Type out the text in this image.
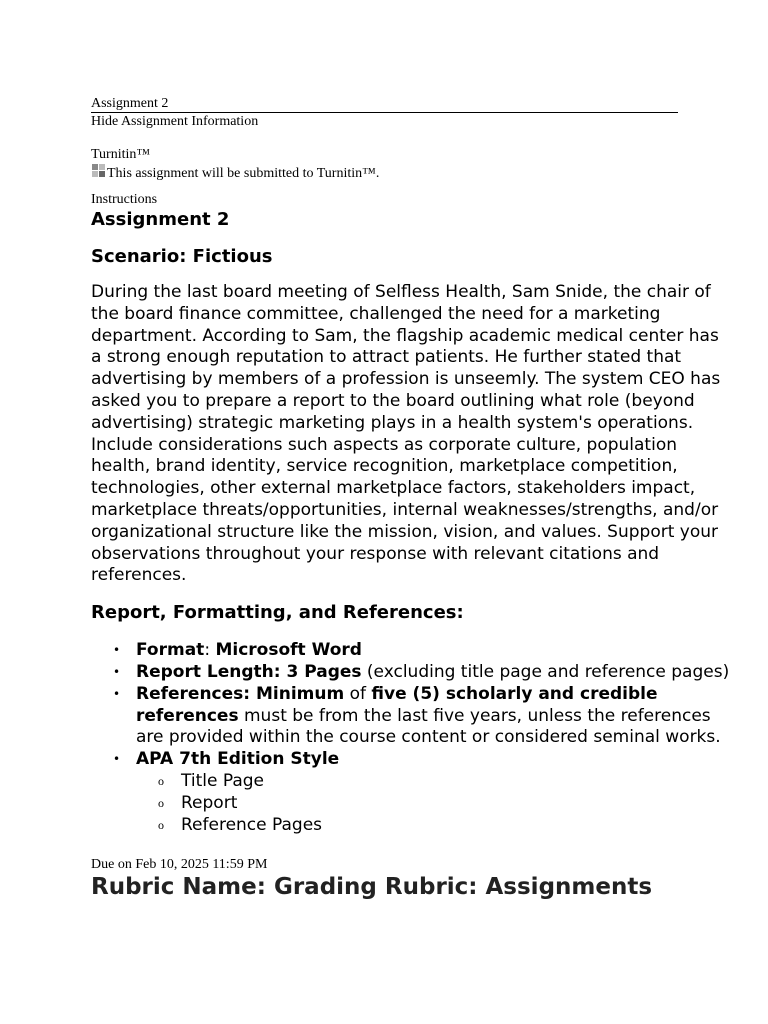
Assignment 2
Hide Assignment Information
Turnitin™
This assignment will be submitted to Turnitin™.
Instructions
Assignment 2
Scenario: Fictious
During the last board meeting of Selfless Health, Sam Snide, the chair of
the board finance committee, challenged the need for a marketing
department. According to Sam, the flagship academic medical center has
a strong enough reputation to attract patients. He further stated that
advertising by members of a profession is unseemly. The system CEO has
asked you to prepare a report to the board outlining what role (beyond
advertising) strategic marketing plays in a health system's operations.
Include considerations such aspects as corporate culture, population
health, brand identity, service recognition, marketplace competition,
technologies, other external marketplace factors, stakeholders impact,
marketplace threats/opportunities, internal weaknesses/strengths, and/or
organizational structure like the mission, vision, and values. Support your
observations throughout your response with relevant citations and
references.
Report, Formatting, and References:
• Format: Microsoft Word
• Report Length: 3 Pages (excluding title page and reference pages)
• References: Minimum of five (5) scholarly and credible
references must be from the last five years, unless the references
are provided within the course content or considered seminal works.
• APA 7th Edition Style
o Title Page
o Report
o Reference Pages
Due on Feb 10, 2025 11:59 PM
Rubric Name: Grading Rubric: Assignments
